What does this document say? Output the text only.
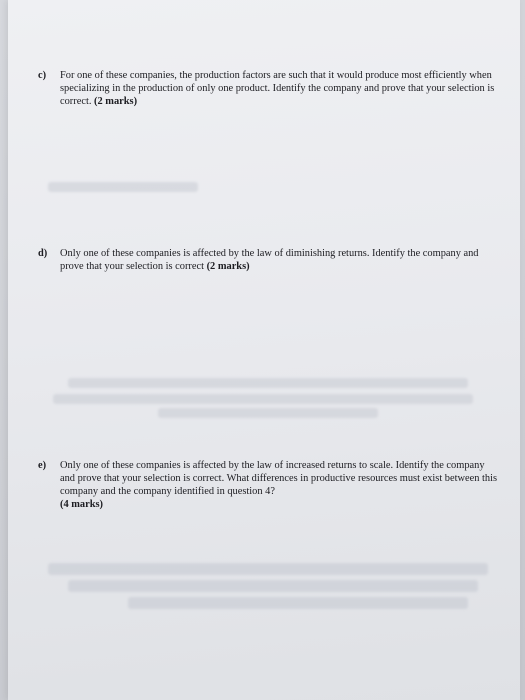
c) For one of these companies, the production factors are such that it would produce most efficiently when specializing in the production of only one product. Identify the company and prove that your selection is correct. (2 marks)
d) Only one of these companies is affected by the law of diminishing returns. Identify the company and prove that your selection is correct (2 marks)
e) Only one of these companies is affected by the law of increased returns to scale. Identify the company and prove that your selection is correct. What differences in productive resources must exist between this company and the company identified in question 4?
(4 marks)
